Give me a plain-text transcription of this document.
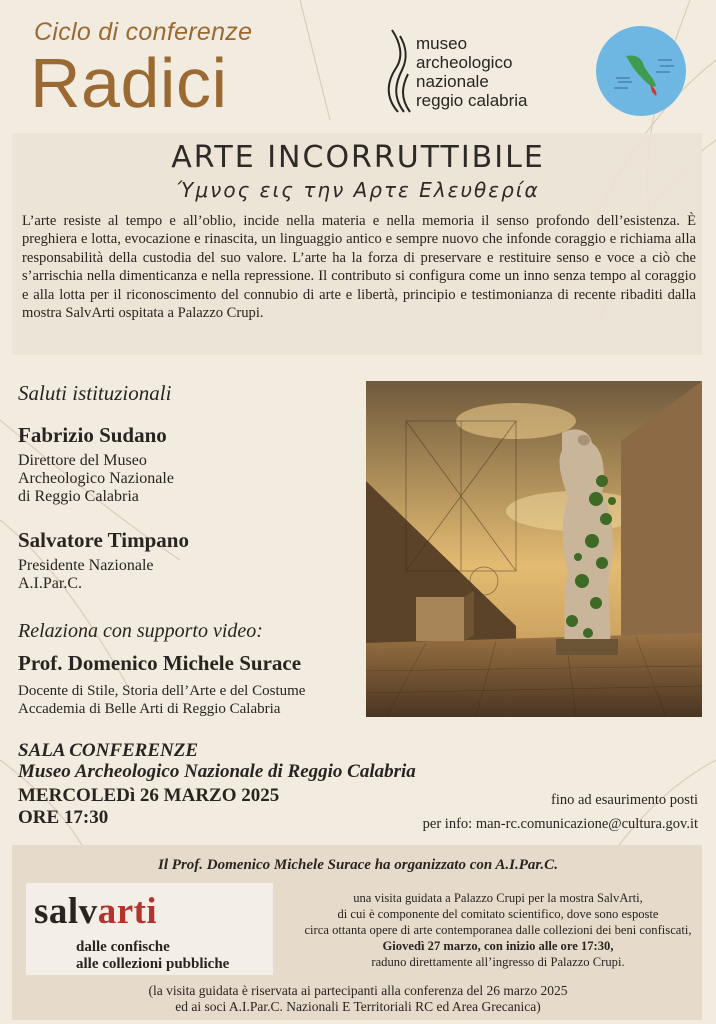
Ciclo di conferenze
Radici
museo
archeologico
nazionale
reggio calabria
ARTE INCORRUTTIBILE
Ύμνος εις την Αρτε Ελευθερία
L’arte resiste al tempo e all’oblio, incide nella materia e nella memoria il senso profondo dell’esistenza. È preghiera e lotta, evocazione e rinascita, un linguaggio antico e sempre nuovo che infonde coraggio e richiama alla responsabilità della custodia del suo valore. L’arte ha la forza di preservare e restituire senso e voce a ciò che s’arrischia nella dimenticanza e nella repressione. Il contributo si configura come un inno senza tempo al coraggio e alla lotta per il riconoscimento del connubio di arte e libertà, principio e testimonianza di recente ribaditi dalla mostra SalvArti ospitata a Palazzo Crupi.
Saluti istituzionali
Fabrizio Sudano
Direttore del Museo
Archeologico Nazionale
di Reggio Calabria
Salvatore Timpano
Presidente Nazionale
A.I.Par.C.
Relaziona con supporto video:
Prof. Domenico Michele Surace
Docente di Stile, Storia dell’Arte e del Costume
Accademia di Belle Arti di Reggio Calabria
SALA CONFERENZE
Museo Archeologico Nazionale di Reggio Calabria
MERCOLEDì 26 MARZO 2025
ORE 17:30
fino ad esaurimento posti
per info: man-rc.comunicazione@cultura.gov.it
Il Prof. Domenico Michele Surace ha organizzato con A.I.Par.C.
salvarti
dalle confische
alle collezioni pubbliche
una visita guidata a Palazzo Crupi per la mostra SalvArti,
di cui è componente del comitato scientifico, dove sono esposte
circa ottanta opere di arte contemporanea dalle collezioni dei beni confiscati,
Giovedì 27 marzo, con inizio alle ore 17:30,
raduno direttamente all’ingresso di Palazzo Crupi.
(la visita guidata è riservata ai partecipanti alla conferenza del 26 marzo 2025
ed ai soci A.I.Par.C. Nazionali E Territoriali RC ed Area Grecanica)
